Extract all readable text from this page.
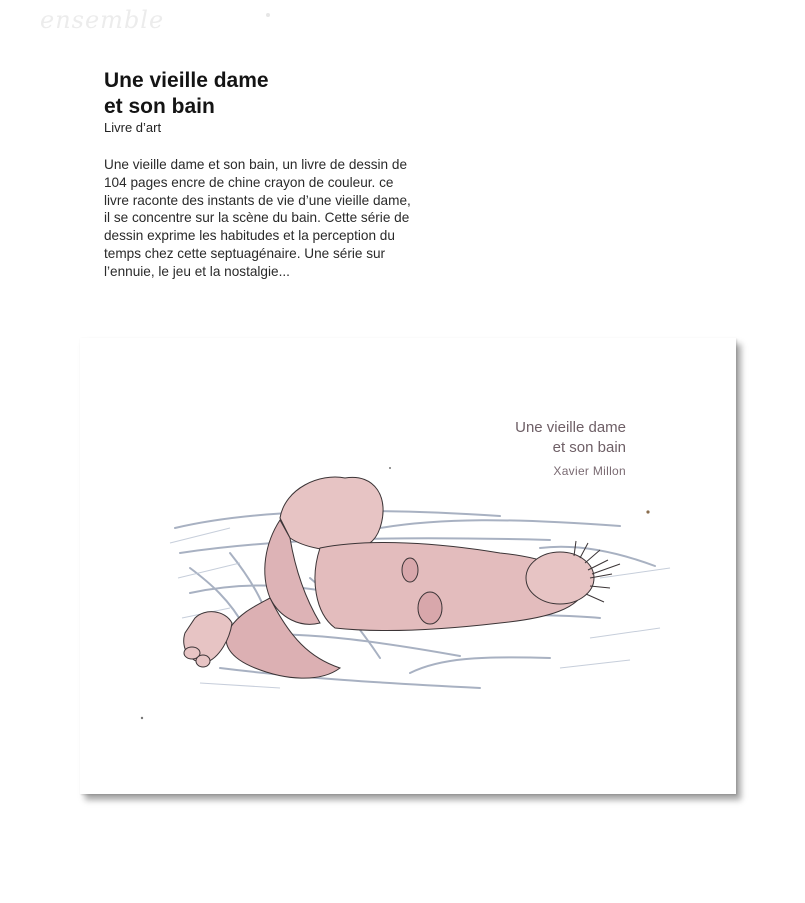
ensemble
Une vieille dame
et son bain

Livre d’art

Une vieille dame et son bain, un livre de dessin de 104 pages encre de chine crayon de couleur. ce livre raconte des instants de vie d’une vieille dame, il se concentre sur la scène du bain. Cette série de dessin exprime les habitudes et la perception du temps chez cette septuagénaire. Une série sur l’ennuie, le jeu et la nostalgie...

Une vieille dame
et son bain
Xavier Millon
